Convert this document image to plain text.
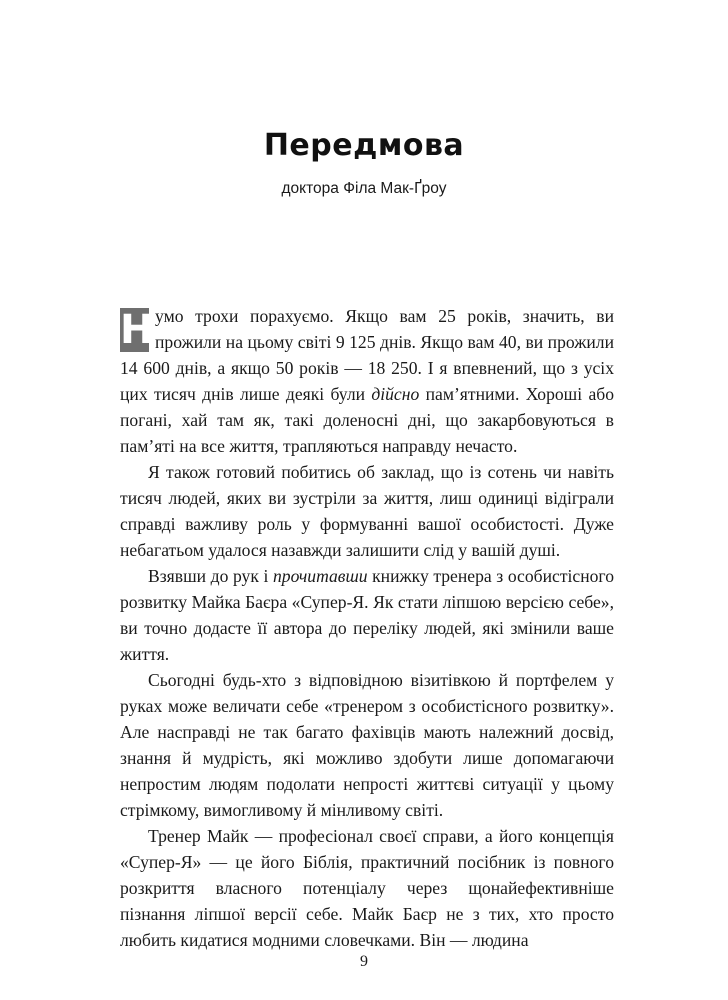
Передмова
доктора Філа Мак-Ґроу

Н умо трохи порахуємо. Якщо вам 25 років, значить, ви прожили на цьому світі 9 125 днів. Якщо вам 40, ви прожили 14 600 днів, а якщо 50 років — 18 250. І я впевнений, що з усіх цих тисяч днів лише деякі були дійсно пам’ятними. Хороші або погані, хай там як, такі доленосні дні, що закарбовуються в пам’яті на все життя, трапляються направду нечасто.

Я також готовий побитись об заклад, що із сотень чи навіть тисяч людей, яких ви зустріли за життя, лиш одиниці відіграли справді важливу роль у формуванні вашої особистості. Дуже небагатьом удалося назавжди залишити слід у вашій душі.

Взявши до рук і прочитавши книжку тренера з особистісного розвитку Майка Баєра «Супер-Я. Як стати ліпшою версією себе», ви точно додасте її автора до переліку людей, які змінили ваше життя.

Сьогодні будь-хто з відповідною візитівкою й портфелем у руках може величати себе «тренером з особистісного розвитку». Але насправді не так багато фахівців мають належний досвід, знання й мудрість, які можливо здобути лише допомагаючи непростим людям подолати непрості життєві ситуації у цьому стрімкому, вимогливому й мінливому світі.

Тренер Майк — професіонал своєї справи, а його концепція «Супер-Я» — це його Біблія, практичний посібник із повного розкриття власного потенціалу через щонайефективніше пізнання ліпшої версії себе. Майк Баєр не з тих, хто просто любить кидатися модними словечками. Він — людина

9
